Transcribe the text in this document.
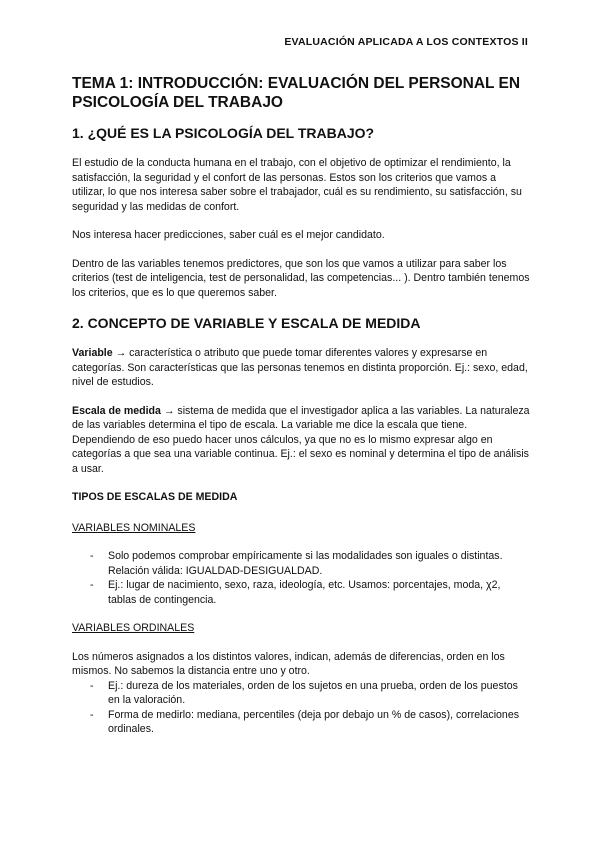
EVALUACIÓN APLICADA A LOS CONTEXTOS II
TEMA 1: INTRODUCCIÓN: EVALUACIÓN DEL PERSONAL EN PSICOLOGÍA DEL TRABAJO
1. ¿QUÉ ES LA PSICOLOGÍA DEL TRABAJO?

El estudio de la conducta humana en el trabajo, con el objetivo de optimizar el rendimiento, la satisfacción, la seguridad y el confort de las personas. Estos son los criterios que vamos a utilizar, lo que nos interesa saber sobre el trabajador, cuál es su rendimiento, su satisfacción, su seguridad y las medidas de confort.

Nos interesa hacer predicciones, saber cuál es el mejor candidato.

Dentro de las variables tenemos predictores, que son los que vamos a utilizar para saber los criterios (test de inteligencia, test de personalidad, las competencias... ). Dentro también tenemos los criterios, que es lo que queremos saber.

2. CONCEPTO DE VARIABLE Y ESCALA DE MEDIDA

Variable → característica o atributo que puede tomar diferentes valores y expresarse en categorías. Son características que las personas tenemos en distinta proporción. Ej.: sexo, edad, nivel de estudios.

Escala de medida → sistema de medida que el investigador aplica a las variables. La naturaleza de las variables determina el tipo de escala. La variable me dice la escala que tiene. Dependiendo de eso puedo hacer unos cálculos, ya que no es lo mismo expresar algo en categorías a que sea una variable continua. Ej.: el sexo es nominal y determina el tipo de análisis a usar.

TIPOS DE ESCALAS DE MEDIDA
VARIABLES NOMINALES
- Solo podemos comprobar empíricamente si las modalidades son iguales o distintas. Relación válida: IGUALDAD-DESIGUALDAD.
- Ej.: lugar de nacimiento, sexo, raza, ideología, etc. Usamos: porcentajes, moda, χ2, tablas de contingencia.
VARIABLES ORDINALES

Los números asignados a los distintos valores, indican, además de diferencias, orden en los mismos. No sabemos la distancia entre uno y otro.

- Ej.: dureza de los materiales, orden de los sujetos en una prueba, orden de los puestos en la valoración.
- Forma de medirlo: mediana, percentiles (deja por debajo un % de casos), correlaciones ordinales.
